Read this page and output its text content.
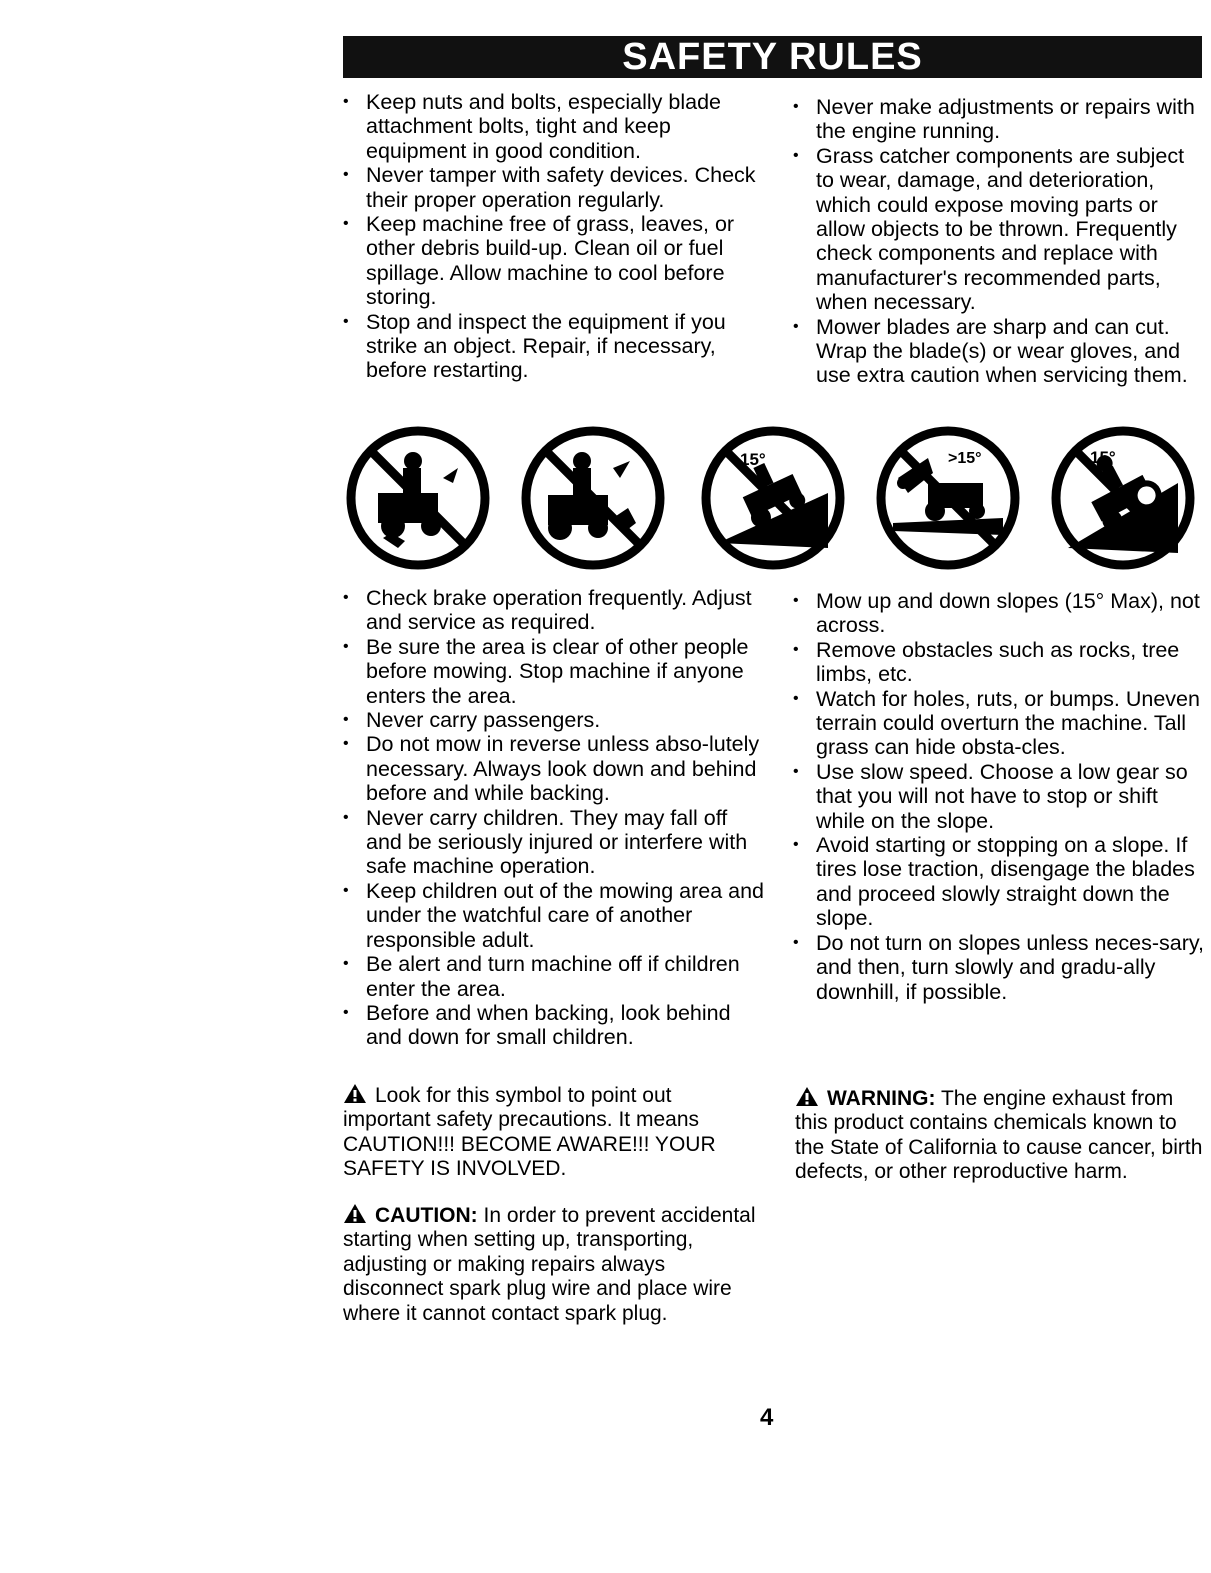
SAFETY RULES
• Keep nuts and bolts, especially blade attachment bolts, tight and keep equipment in good condition.
• Never tamper with safety devices. Check their proper operation regularly.
• Keep machine free of grass, leaves, or other debris build-up. Clean oil or fuel spillage. Allow machine to cool before storing.
• Stop and inspect the equipment if you strike an object. Repair, if necessary, before restarting.
• Never make adjustments or repairs with the engine running.
• Grass catcher components are subject to wear, damage, and deterioration, which could expose moving parts or allow objects to be thrown. Frequently check components and replace with manufacturer's recommended parts, when necessary.
• Mower blades are sharp and can cut. Wrap the blade(s) or wear gloves, and use extra caution when servicing them.
15°	>15°	15°
• Check brake operation frequently. Adjust and service as required.
• Be sure the area is clear of other people before mowing. Stop machine if anyone enters the area.
• Never carry passengers.
• Do not mow in reverse unless abso-lutely necessary. Always look down and behind before and while backing.
• Never carry children. They may fall off and be seriously injured or interfere with safe machine operation.
• Keep children out of the mowing area and under the watchful care of another responsible adult.
• Be alert and turn machine off if children enter the area.
• Before and when backing, look behind and down for small children.
• Mow up and down slopes (15° Max), not across.
• Remove obstacles such as rocks, tree limbs, etc.
• Watch for holes, ruts, or bumps. Uneven terrain could overturn the machine. Tall grass can hide obsta-cles.
• Use slow speed. Choose a low gear so that you will not have to stop or shift while on the slope.
• Avoid starting or stopping on a slope. If tires lose traction, disengage the blades and proceed slowly straight down the slope.
• Do not turn on slopes unless neces-sary, and then, turn slowly and gradu-ally downhill, if possible.
Look for this symbol to point out important safety precautions. It means CAUTION!!! BECOME AWARE!!! YOUR SAFETY IS INVOLVED.
WARNING: The engine exhaust from this product contains chemicals known to the State of California to cause cancer, birth defects, or other reproductive harm.
CAUTION: In order to prevent accidental starting when setting up, transporting, adjusting or making repairs always disconnect spark plug wire and place wire where it cannot contact spark plug.
4
